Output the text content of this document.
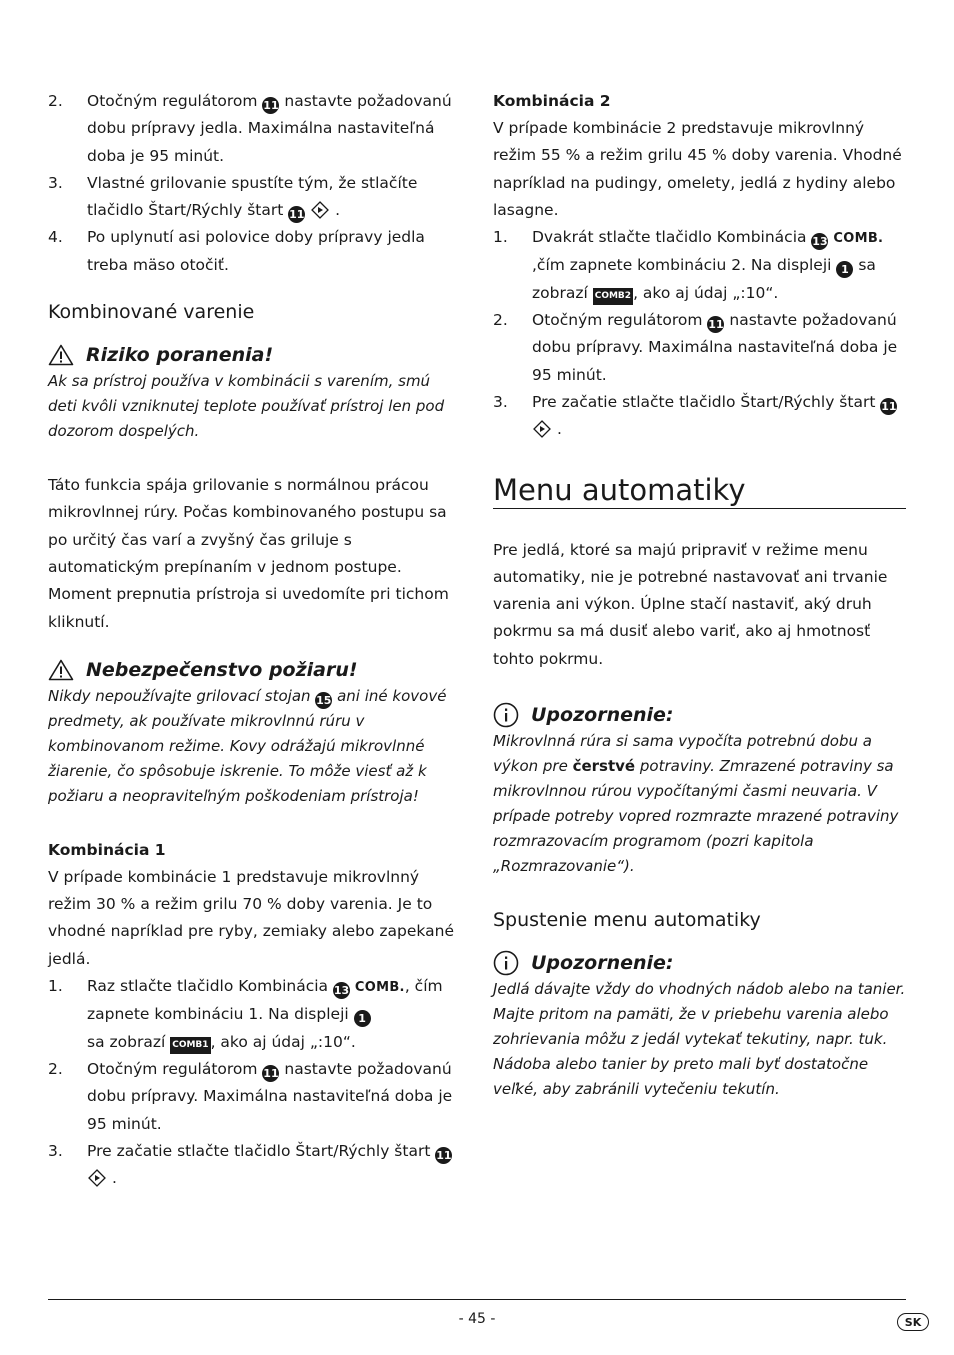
2. Otočným regulátorom 11 nastavte požadovanú dobu prípravy jedla. Maximálna nastaviteľná doba je 95 minút.
3. Vlastné grilovanie spustíte tým, že stlačíte tlačidlo Štart/Rýchly štart 11 .
4. Po uplynutí asi polovice doby prípravy jedla treba mäso otočiť.
Kombinované varenie
Riziko poranenia!

Ak sa prístroj používa v kombinácii s varením, smú deti kvôli vzniknutej teplote používať prístroj len pod dozorom dospelých.

Táto funkcia spája grilovanie s normálnou prácou mikrovlnnej rúry. Počas kombinovaného postupu sa po určitý čas varí a zvyšný čas griluje s automatickým prepínaním v jednom postupe. Moment prepnutia prístroja si uvedomíte pri tichom kliknutí.

Nebezpečenstvo požiaru!

Nikdy nepoužívajte grilovací stojan 15 ani iné kovové predmety, ak používate mikrovlnnú rúru v kombinovanom režime. Kovy odrážajú mikrovlnné žiarenie, čo spôsobuje iskrenie. To môže viesť až k požiaru a neopraviteľným poškodeniam prístroja!

Kombinácia 1

V prípade kombinácie 1 predstavuje mikrovlnný režim 30 % a režim grilu 70 % doby varenia. Je to vhodné napríklad pre ryby, zemiaky alebo zapekané jedlá.

1. Raz stlačte tlačidlo Kombinácia 13 COMB., čím zapnete kombináciu 1. Na displeji 1
sa zobrazí COMB1 , ako aj údaj „:10“.
2. Otočným regulátorom 11 nastavte požadovanú dobu prípravy. Maximálna nastaviteľná doba je 95 minút.
3. Pre začatie stlačte tlačidlo Štart/Rýchly štart 11  .
Kombinácia 2

V prípade kombinácie 2 predstavuje mikrovlnný režim 55 % a režim grilu 45 % doby varenia. Vhodné napríklad na pudingy, omelety, jedlá z hydiny alebo lasagne.

1. Dvakrát stlačte tlačidlo Kombinácia 13 COMB. ,čím zapnete kombináciu 2. Na displeji 1 sa zobrazí COMB2 , ako aj údaj „:10“.
2. Otočným regulátorom 11 nastavte požadovanú dobu prípravy. Maximálna nastaviteľná doba je 95 minút.
3. Pre začatie stlačte tlačidlo Štart/Rýchly štart 11  .
Menu automatiky

Pre jedlá, ktoré sa majú pripraviť v režime menu automatiky, nie je potrebné nastavovať ani trvanie varenia ani výkon. Úplne stačí nastaviť, aký druh pokrmu sa má dusiť alebo variť, ako aj hmotnosť tohto pokrmu.

Upozornenie:

Mikrovlnná rúra si sama vypočíta potrebnú dobu a výkon pre čerstvé potraviny. Zmrazené potraviny sa mikrovlnnou rúrou vypočítanými časmi neuvaria. V prípade potreby vopred rozmrazte mrazené potraviny rozmrazovacím programom (pozri kapitola „Rozmrazovanie“).

Spustenie menu automatiky
Upozornenie:

Jedlá dávajte vždy do vhodných nádob alebo na tanier. Majte pritom na pamäti, že v priebehu varenia alebo zohrievania môžu z jedál vytekať tekutiny, napr. tuk. Nádoba alebo tanier by preto mali byť dostatočne veľké, aby zabránili vytečeniu tekutín.

- 45 -	SK
